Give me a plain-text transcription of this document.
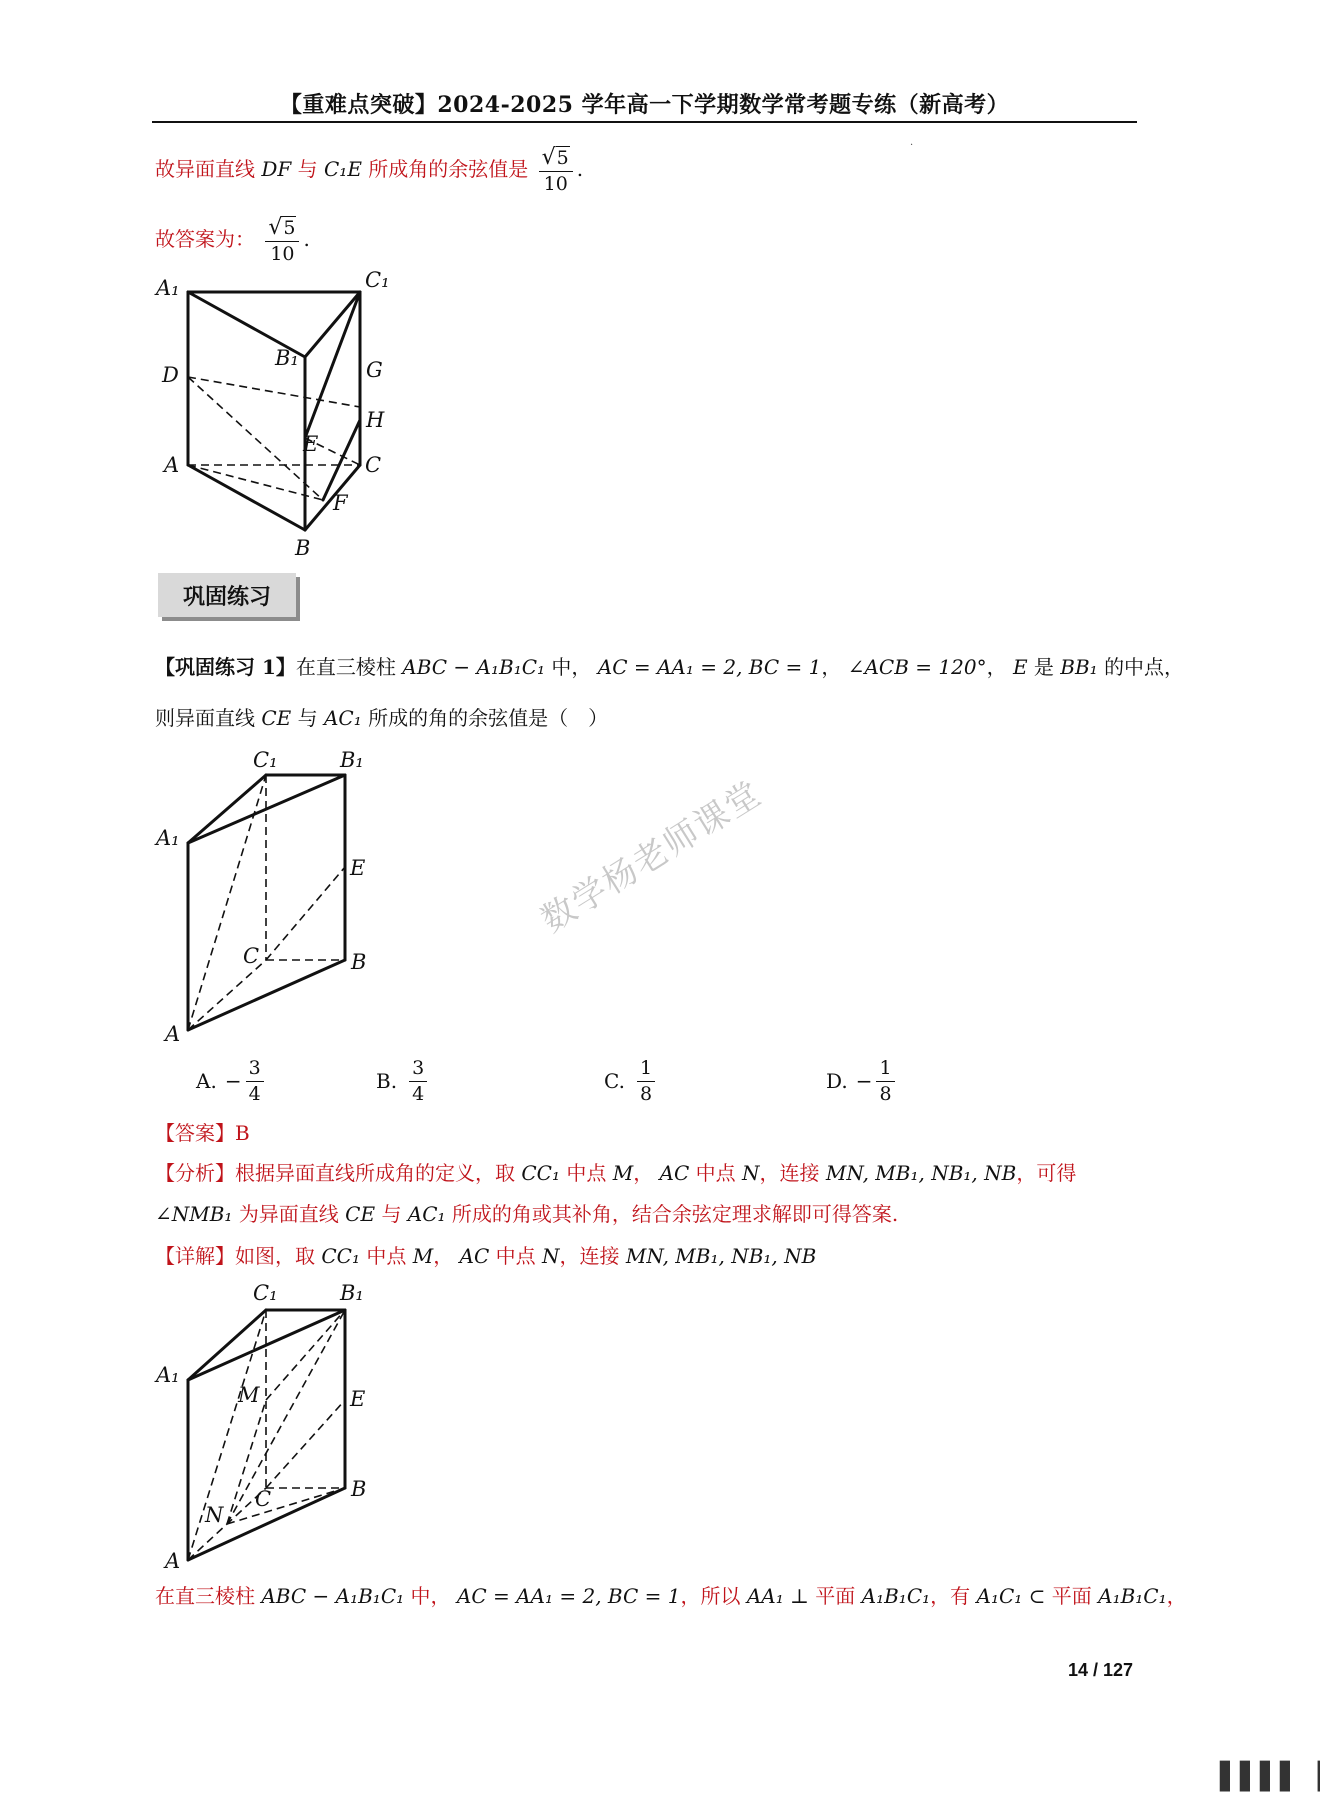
【重难点突破】2024-2025 学年高一下学期数学常考题专练（新高考）
·
故异面直线 DF 与 C₁E 所成角的余弦值是 $\frac{√5}{10}$ .
故答案为： $\frac{√5}{10}$ .
A₁	C₁
B₁
D	G
H
E
A	C
F
B
巩固练习
【巩固练习 1】在直三棱柱 ABC − A₁B₁C₁ 中， AC = AA₁ = 2, BC = 1， ∠ACB = 120°， E 是 BB₁ 的中点，
则异面直线 CE 与 AC₁ 所成的角的余弦值是（　）
C₁	B₁
A₁
E
C	B
A
数学杨老师课堂
A. − $\frac{3}{4}$	B. $\frac{3}{4}$	C. $\frac{1}{8}$	D. − $\frac{1}{8}$
【答案】B
【分析】根据异面直线所成角的定义，取 CC₁ 中点 M， AC 中点 N，连接 MN, MB₁, NB₁, NB，可得
∠NMB₁ 为异面直线 CE 与 AC₁ 所成的角或其补角，结合余弦定理求解即可得答案.
【详解】如图，取 CC₁ 中点 M， AC 中点 N，连接 MN, MB₁, NB₁, NB
C₁	B₁
A₁
M	E
N
C	B
A
在直三棱柱 ABC − A₁B₁C₁ 中， AC = AA₁ = 2, BC = 1，所以 AA₁ ⊥ 平面 A₁B₁C₁，有 A₁C₁ ⊂ 平面 A₁B₁C₁，
14 / 127
▌▌▌▌▕
